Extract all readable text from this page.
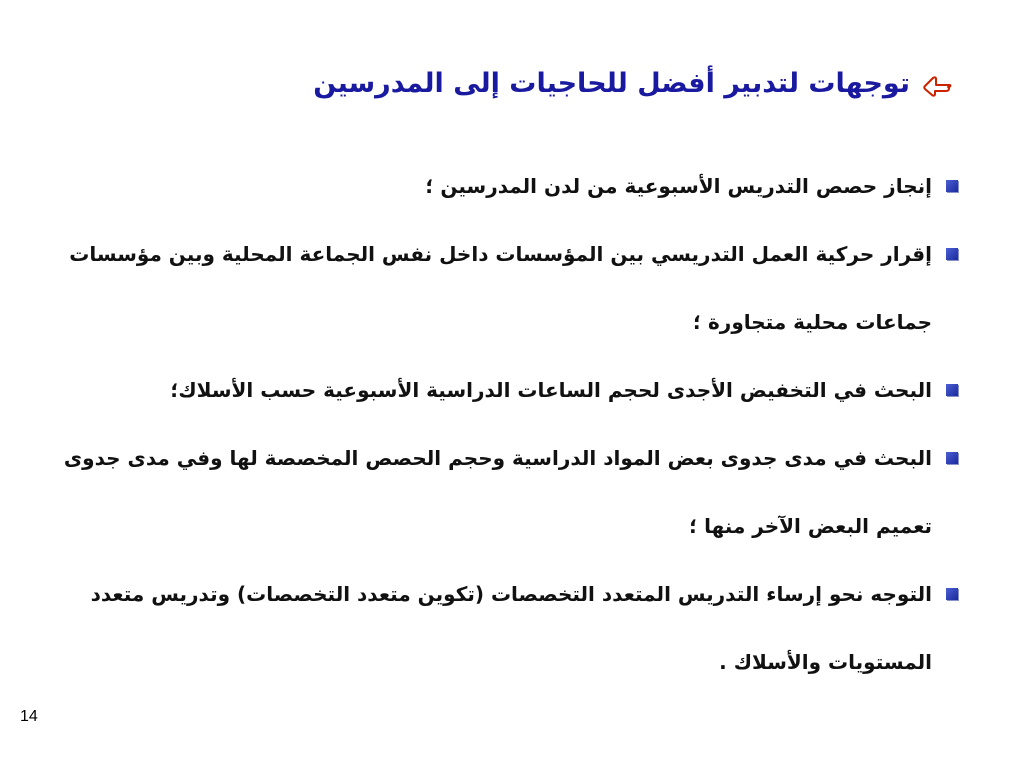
توجهات لتدبير أفضل للحاجيات إلى المدرسين
إنجاز حصص التدريس الأسبوعية من لدن المدرسين ؛
إقرار حركية العمل التدريسي بين المؤسسات داخل نفس الجماعة المحلية وبين مؤسسات جماعات محلية متجاورة ؛
البحث في التخفيض الأجدى لحجم الساعات الدراسية الأسبوعية حسب الأسلاك؛
البحث في مدى جدوى بعض المواد الدراسية وحجم الحصص المخصصة لها وفي مدى جدوى تعميم البعض الآخر منها ؛
التوجه نحو إرساء التدريس المتعدد التخصصات (تكوين متعدد التخصصات) وتدريس متعدد المستويات والأسلاك .
14
